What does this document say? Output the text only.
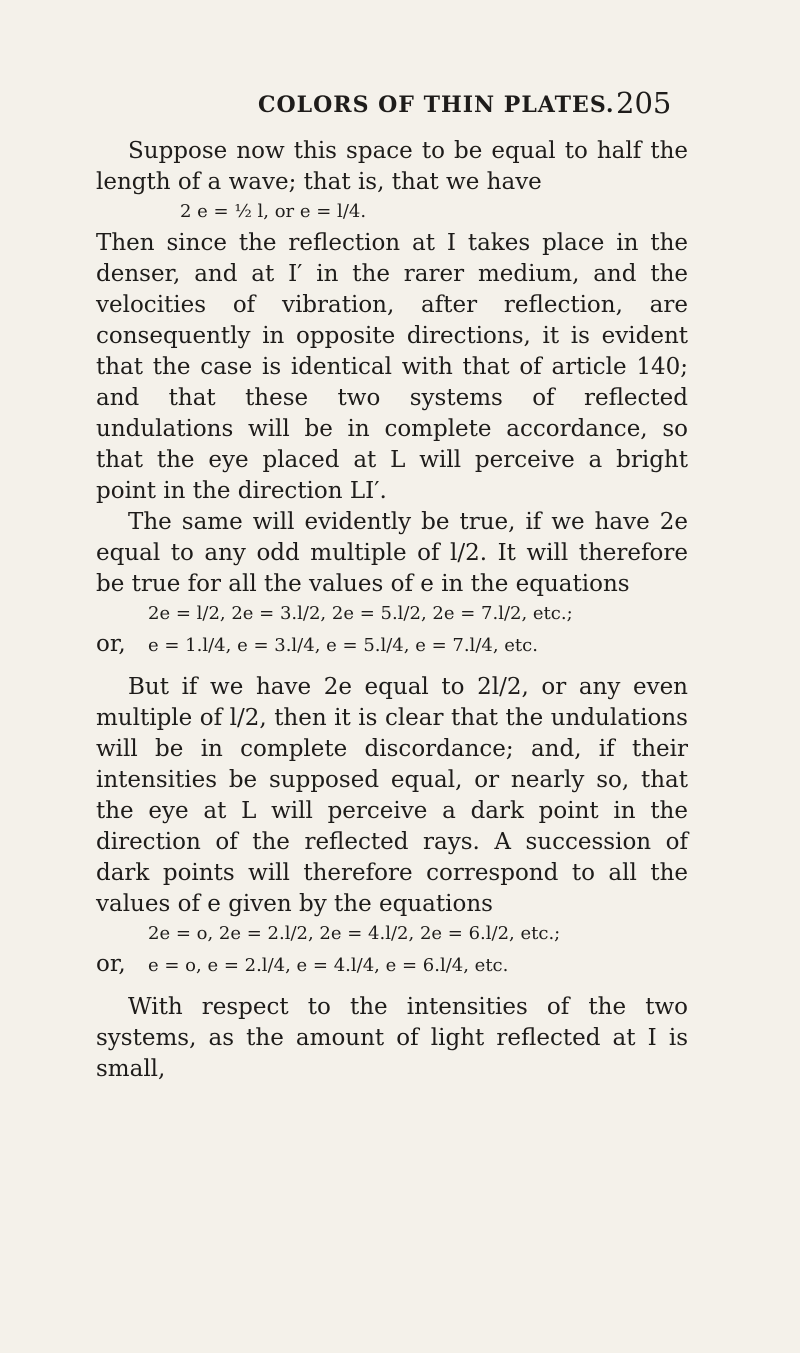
COLORS OF THIN PLATES. 205

Suppose now this space to be equal to half the length of a wave; that is, that we have

2 e = ½ l, or e = l/4.

Then since the reflection at I takes place in the denser, and at I′ in the rarer medium, and the velocities of vibration, after reflection, are consequently in opposite directions, it is evident that the case is identical with that of article 140; and that these two systems of reflected undulations will be in complete accordance, so that the eye placed at L will perceive a bright point in the direction LI′.

The same will evidently be true, if we have 2e equal to any odd multiple of l/2. It will therefore be true for all the values of e in the equations

2e = l/2, 2e = 3.l/2, 2e = 5.l/2, 2e = 7.l/2, etc.;
or,	e = 1.l/4, e = 3.l/4, e = 5.l/4, e = 7.l/4, etc.

But if we have 2e equal to 2l/2, or any even multiple of l/2, then it is clear that the undulations will be in complete discordance; and, if their intensities be supposed equal, or nearly so, that the eye at L will perceive a dark point in the direction of the reflected rays. A succession of dark points will therefore correspond to all the values of e given by the equations

2e = o, 2e = 2.l/2, 2e = 4.l/2, 2e = 6.l/2, etc.;
or,	e = o, e = 2.l/4, e = 4.l/4, e = 6.l/4, etc.

With respect to the intensities of the two systems, as the amount of light reflected at I is small,
